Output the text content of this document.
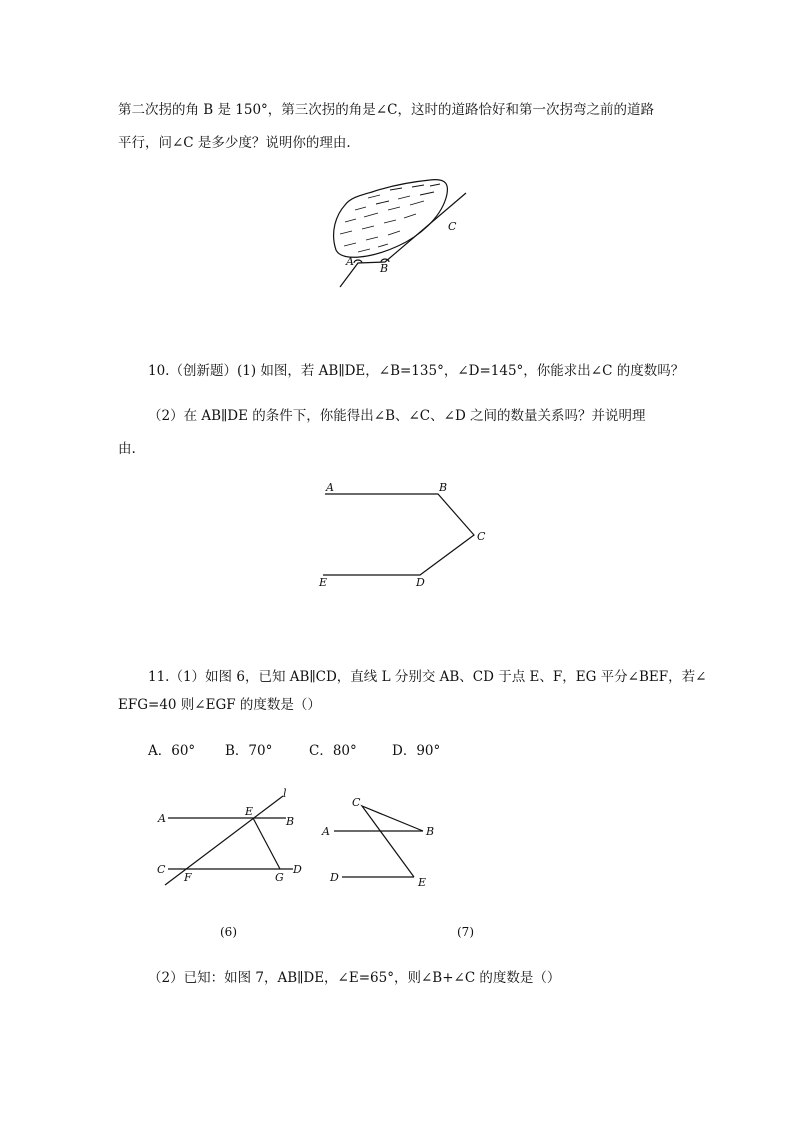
第二次拐的角 B 是 150°，第三次拐的角是∠C，这时的道路恰好和第一次拐弯之前的道路
平行，问∠C 是多少度？说明你的理由.
A
B
C
10.（创新题）(1) 如图，若 AB∥DE，∠B=135°，∠D=145°，你能求出∠C 的度数吗？
（2）在 AB∥DE 的条件下，你能得出∠B、∠C、∠D 之间的数量关系吗？并说明理
由.
A	B
C
D
E
11.（1）如图 6，已知 AB∥CD，直线 L 分别交 AB、CD 于点 E、F，EG 平分∠BEF，若∠
EFG=40 则∠EGF 的度数是（）
A．60° B．70°	C．80°	D．90°
l
A
E
B
C
F	G
D
(6)
C
A	B
D	E
(7)
（2）已知：如图 7，AB∥DE，∠E=65°，则∠B+∠C 的度数是（）
